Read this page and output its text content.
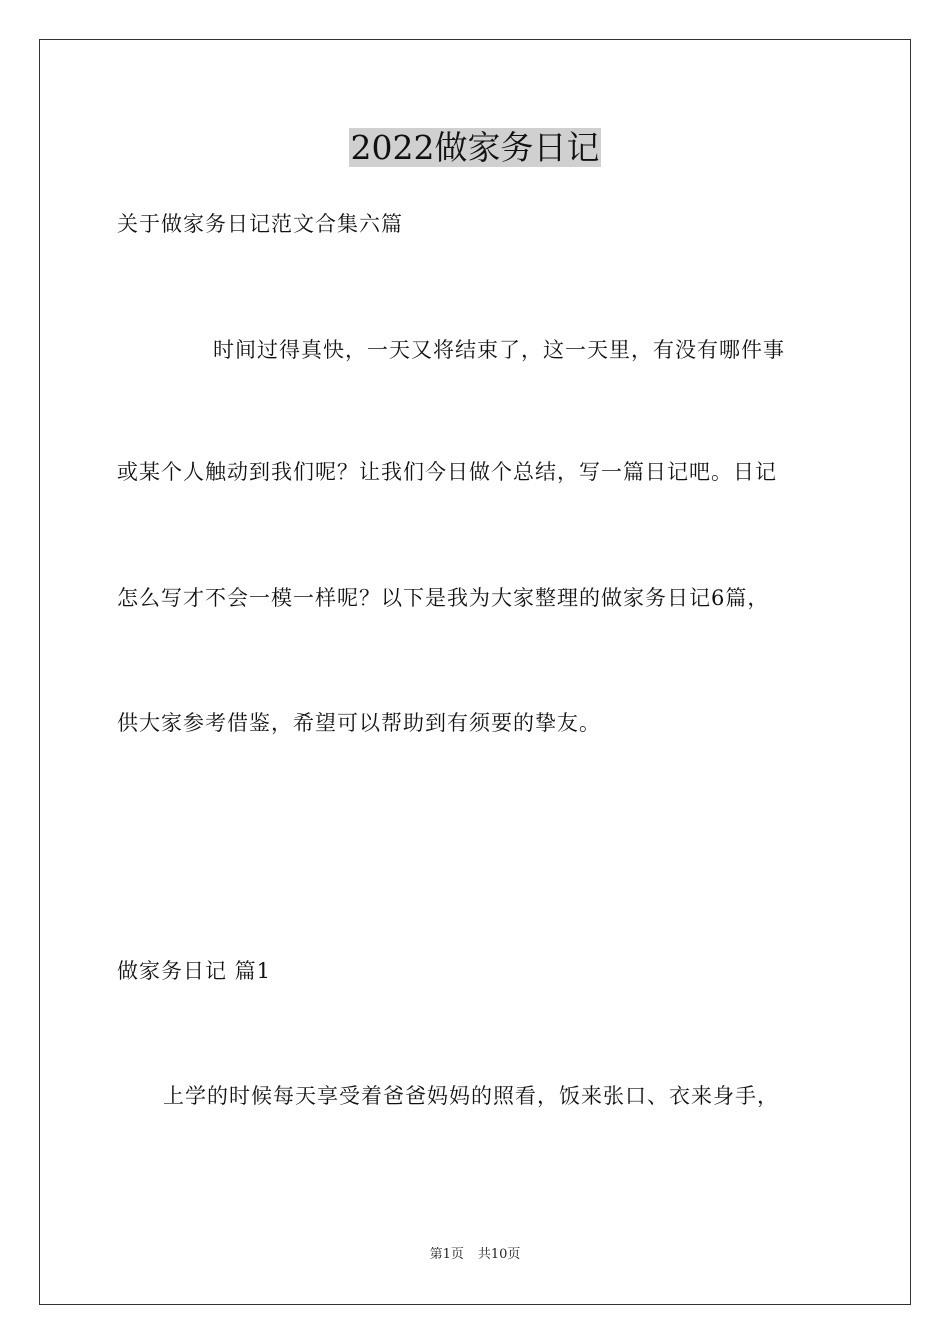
2022做家务日记
关于做家务日记范文合集六篇
时间过得真快，一天又将结束了，这一天里，有没有哪件事
或某个人触动到我们呢？让我们今日做个总结，写一篇日记吧。日记
怎么写才不会一模一样呢？以下是我为大家整理的做家务日记6篇，
供大家参考借鉴，希望可以帮助到有须要的挚友。
做家务日记 篇1
上学的时候每天享受着爸爸妈妈的照看，饭来张口、衣来身手，
第1页 共10页
